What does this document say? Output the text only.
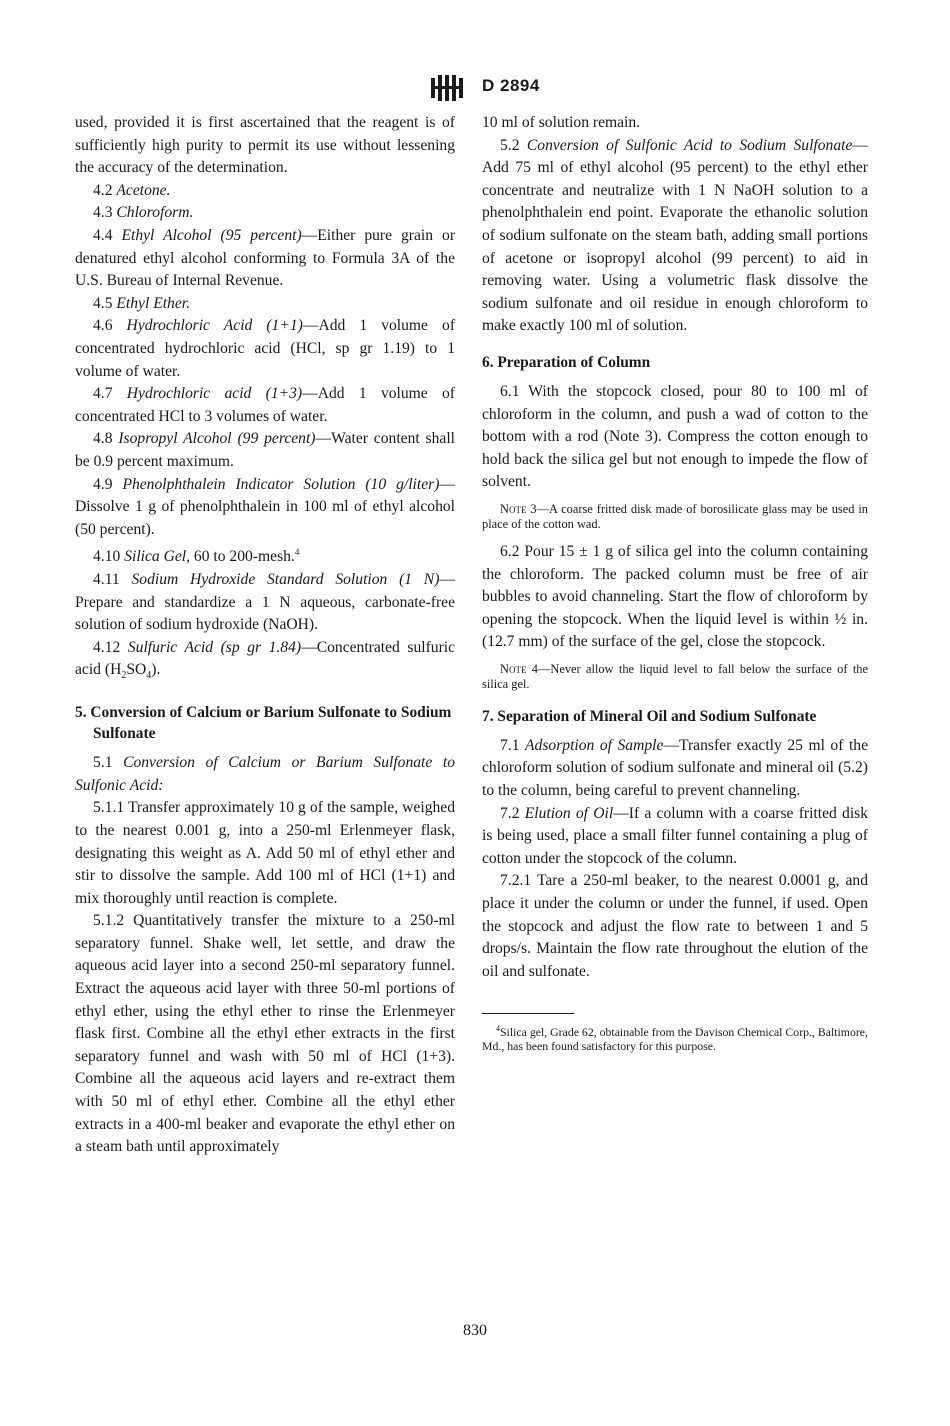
D 2894

used, provided it is first ascertained that the reagent is of sufficiently high purity to permit its use without lessening the accuracy of the determination.

4.2 Acetone.

4.3 Chloroform.

4.4 Ethyl Alcohol (95 percent)—Either pure grain or denatured ethyl alcohol conforming to Formula 3A of the U.S. Bureau of Internal Revenue.

4.5 Ethyl Ether.

4.6 Hydrochloric Acid (1+1)—Add 1 volume of concentrated hydrochloric acid (HCl, sp gr 1.19) to 1 volume of water.

4.7 Hydrochloric acid (1+3)—Add 1 volume of concentrated HCl to 3 volumes of water.

4.8 Isopropyl Alcohol (99 percent)—Water content shall be 0.9 percent maximum.

4.9 Phenolphthalein Indicator Solution (10 g/liter)—Dissolve 1 g of phenolphthalein in 100 ml of ethyl alcohol (50 percent).

4.10 Silica Gel, 60 to 200-mesh.$^4$

4.11 Sodium Hydroxide Standard Solution (1 N)—Prepare and standardize a 1 N aqueous, carbonate-free solution of sodium hydroxide (NaOH).

4.12 Sulfuric Acid (sp gr 1.84)—Concentrated sulfuric acid $(H_2SO_4)$.

5. Conversion of Calcium or Barium Sulfonate to Sodium Sulfonate

5.1 Conversion of Calcium or Barium Sulfonate to Sulfonic Acid:

5.1.1 Transfer approximately 10 g of the sample, weighed to the nearest 0.001 g, into a 250-ml Erlenmeyer flask, designating this weight as A. Add 50 ml of ethyl ether and stir to dissolve the sample. Add 100 ml of HCl (1+1) and mix thoroughly until reaction is complete.

5.1.2 Quantitatively transfer the mixture to a 250-ml separatory funnel. Shake well, let settle, and draw the aqueous acid layer into a second 250-ml separatory funnel. Extract the aqueous acid layer with three 50-ml portions of ethyl ether, using the ethyl ether to rinse the Erlenmeyer flask first. Combine all the ethyl ether extracts in the first separatory funnel and wash with 50 ml of HCl (1+3). Combine all the aqueous acid layers and re-extract them with 50 ml of ethyl ether. Combine all the ethyl ether extracts in a 400-ml beaker and evaporate the ethyl ether on a steam bath until approximately

10 ml of solution remain.

5.2 Conversion of Sulfonic Acid to Sodium Sulfonate—Add 75 ml of ethyl alcohol (95 percent) to the ethyl ether concentrate and neutralize with 1 N NaOH solution to a phenolphthalein end point. Evaporate the ethanolic solution of sodium sulfonate on the steam bath, adding small portions of acetone or isopropyl alcohol (99 percent) to aid in removing water. Using a volumetric flask dissolve the sodium sulfonate and oil residue in enough chloroform to make exactly 100 ml of solution.

6. Preparation of Column

6.1 With the stopcock closed, pour 80 to 100 ml of chloroform in the column, and push a wad of cotton to the bottom with a rod (Note 3). Compress the cotton enough to hold back the silica gel but not enough to impede the flow of solvent.

Note 3—A coarse fritted disk made of borosilicate glass may be used in place of the cotton wad.

6.2 Pour 15 ± 1 g of silica gel into the column containing the chloroform. The packed column must be free of air bubbles to avoid channeling. Start the flow of chloroform by opening the stopcock. When the liquid level is within ½ in. (12.7 mm) of the surface of the gel, close the stopcock.

Note 4—Never allow the liquid level to fall below the surface of the silica gel.

7. Separation of Mineral Oil and Sodium Sulfonate

7.1 Adsorption of Sample—Transfer exactly 25 ml of the chloroform solution of sodium sulfonate and mineral oil (5.2) to the column, being careful to prevent channeling.

7.2 Elution of Oil—If a column with a coarse fritted disk is being used, place a small filter funnel containing a plug of cotton under the stopcock of the column.

7.2.1 Tare a 250-ml beaker, to the nearest 0.0001 g, and place it under the column or under the funnel, if used. Open the stopcock and adjust the flow rate to between 1 and 5 drops/s. Maintain the flow rate throughout the elution of the oil and sulfonate.

$^4$Silica gel, Grade 62, obtainable from the Davison Chemical Corp., Baltimore, Md., has been found satisfactory for this purpose.

830
